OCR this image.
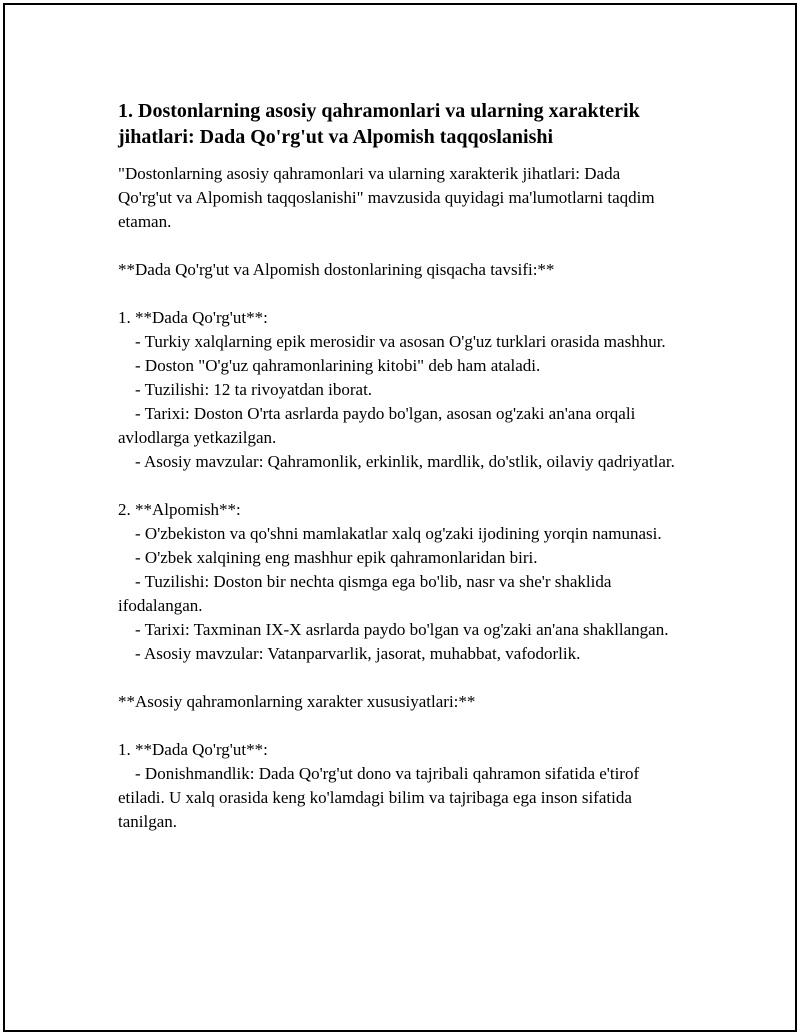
1. Dostonlarning asosiy qahramonlari va ularning xarakterik jihatlari: Dada Qo'rg'ut va Alpomish taqqoslanishi

"Dostonlarning asosiy qahramonlari va ularning xarakterik jihatlari: Dada Qo'rg'ut va Alpomish taqqoslanishi" mavzusida quyidagi ma'lumotlarni taqdim etaman.

**Dada Qo'rg'ut va Alpomish dostonlarining qisqacha tavsifi:**

1. **Dada Qo'rg'ut**:
- Turkiy xalqlarning epik merosidir va asosan O'g'uz turklari orasida mashhur.
- Doston "O'g'uz qahramonlarining kitobi" deb ham ataladi.
- Tuzilishi: 12 ta rivoyatdan iborat.
- Tarixi: Doston O'rta asrlarda paydo bo'lgan, asosan og'zaki an'ana orqali avlodlarga yetkazilgan.
- Asosiy mavzular: Qahramonlik, erkinlik, mardlik, do'stlik, oilaviy qadriyatlar.

2. **Alpomish**:
- O'zbekiston va qo'shni mamlakatlar xalq og'zaki ijodining yorqin namunasi.
- O'zbek xalqining eng mashhur epik qahramonlaridan biri.
- Tuzilishi: Doston bir nechta qismga ega bo'lib, nasr va she'r shaklida ifodalangan.
- Tarixi: Taxminan IX-X asrlarda paydo bo'lgan va og'zaki an'ana shakllangan.
- Asosiy mavzular: Vatanparvarlik, jasorat, muhabbat, vafodorlik.

**Asosiy qahramonlarning xarakter xususiyatlari:**

1. **Dada Qo'rg'ut**:
- Donishmandlik: Dada Qo'rg'ut dono va tajribali qahramon sifatida e'tirof etiladi. U xalq orasida keng ko'lamdagi bilim va tajribaga ega inson sifatida tanilgan.
